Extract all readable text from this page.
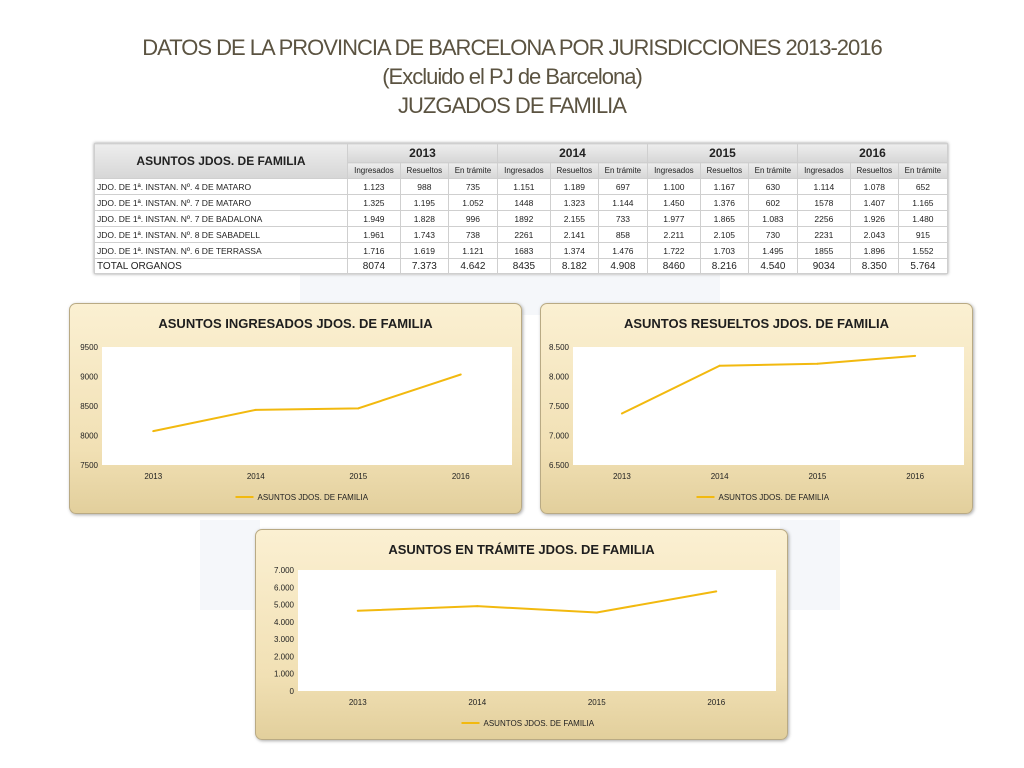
DATOS DE LA PROVINCIA DE BARCELONA POR JURISDICCIONES 2013-2016
(Excluido el PJ de Barcelona)
JUZGADOS DE FAMILIA
ASUNTOS JDOS. DE FAMILIA	2013			2014			2015			2016		
	Ingresados	Resueltos	En trámite	Ingresados	Resueltos	En trámite	Ingresados	Resueltos	En trámite	Ingresados	Resueltos	En trámite
JDO. DE 1ª. INSTAN. Nº. 4 DE MATARO	1.123	988	735	1.151	1.189	697	1.100	1.167	630	1.114	1.078	652
JDO. DE 1ª. INSTAN. Nº. 7 DE MATARO	1.325	1.195	1.052	1448	1.323	1.144	1.450	1.376	602	1578	1.407	1.165
JDO. DE 1ª. INSTAN. Nº. 7 DE BADALONA	1.949	1.828	996	1892	2.155	733	1.977	1.865	1.083	2256	1.926	1.480
JDO. DE 1ª. INSTAN. Nº. 8 DE SABADELL	1.961	1.743	738	2261	2.141	858	2.211	2.105	730	2231	2.043	915
JDO. DE 1ª. INSTAN. Nº. 6 DE TERRASSA	1.716	1.619	1.121	1683	1.374	1.476	1.722	1.703	1.495	1855	1.896	1.552
TOTAL ORGANOS	8074	7.373	4.642	8435	8.182	4.908	8460	8.216	4.540	9034	8.350	5.764
ASUNTOS INGRESADOS JDOS. DE FAMILIA
7500
8000
8500
9000
9500
2013	2014	2015	2016
ASUNTOS JDOS. DE FAMILIA
ASUNTOS RESUELTOS JDOS. DE FAMILIA
6.500
7.000
7.500
8.000
8.500
2013	2014	2015	2016
ASUNTOS JDOS. DE FAMILIA
ASUNTOS EN TRÁMITE JDOS. DE FAMILIA
0
1.000
2.000
3.000
4.000
5.000
6.000
7.000
2013	2014	2015	2016
ASUNTOS JDOS. DE FAMILIA
